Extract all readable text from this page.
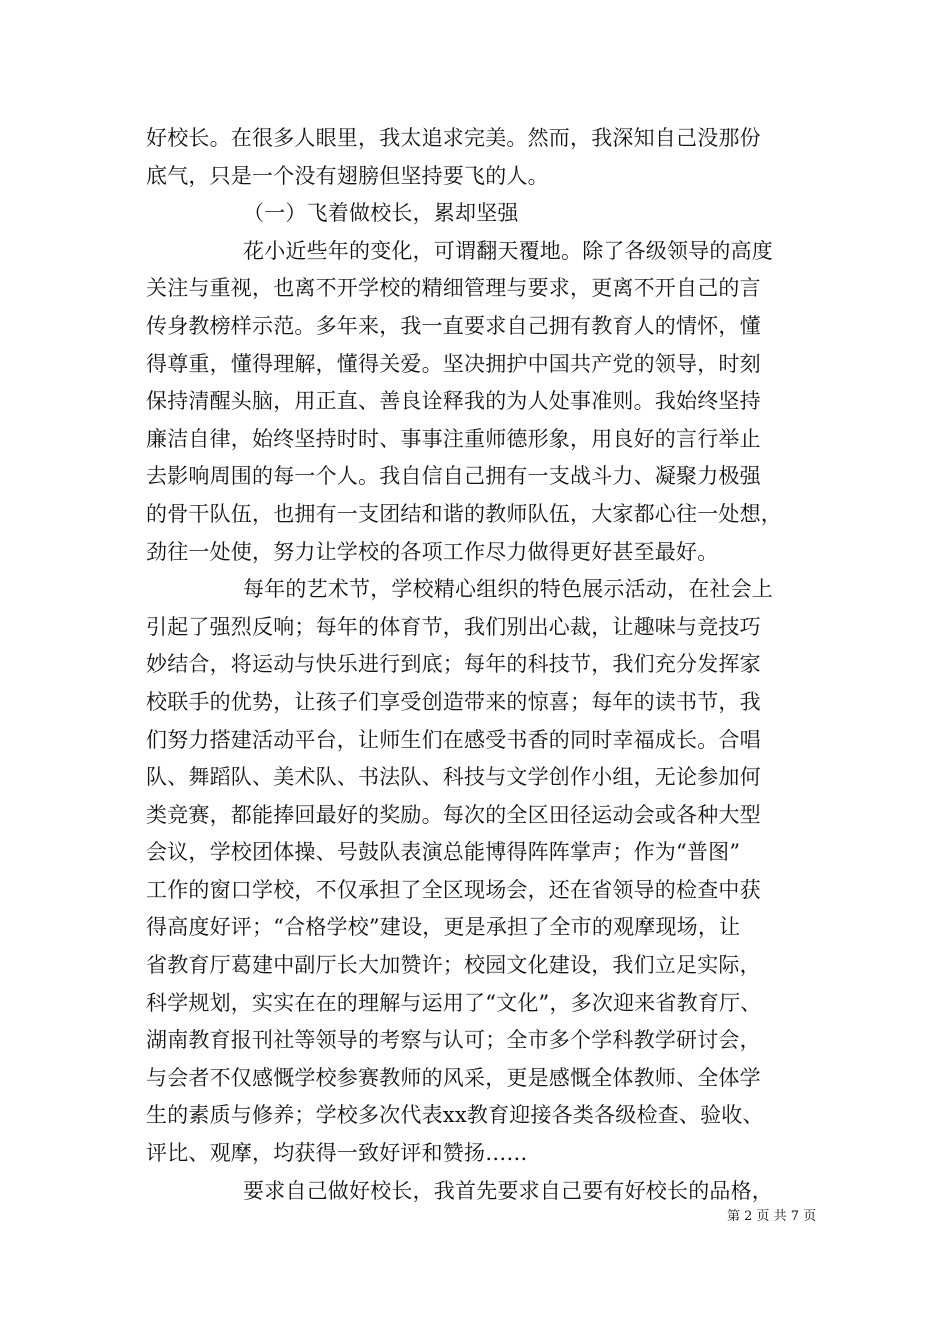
好校长。在很多人眼里，我太追求完美。然而，我深知自己没那份
底气，只是一个没有翅膀但坚持要飞的人。
（一）飞着做校长，累却坚强
花小近些年的变化，可谓翻天覆地。除了各级领导的高度
关注与重视，也离不开学校的精细管理与要求，更离不开自己的言
传身教榜样示范。多年来，我一直要求自己拥有教育人的情怀，懂
得尊重，懂得理解，懂得关爱。坚决拥护中国共产党的领导，时刻
保持清醒头脑，用正直、善良诠释我的为人处事准则。我始终坚持
廉洁自律，始终坚持时时、事事注重师德形象，用良好的言行举止
去影响周围的每一个人。我自信自己拥有一支战斗力、凝聚力极强
的骨干队伍，也拥有一支团结和谐的教师队伍，大家都心往一处想，
劲往一处使，努力让学校的各项工作尽力做得更好甚至最好。
每年的艺术节，学校精心组织的特色展示活动，在社会上
引起了强烈反响；每年的体育节，我们别出心裁，让趣味与竞技巧
妙结合，将运动与快乐进行到底；每年的科技节，我们充分发挥家
校联手的优势，让孩子们享受创造带来的惊喜；每年的读书节，我
们努力搭建活动平台，让师生们在感受书香的同时幸福成长。合唱
队、舞蹈队、美术队、书法队、科技与文学创作小组，无论参加何
类竞赛，都能捧回最好的奖励。每次的全区田径运动会或各种大型
会议，学校团体操、号鼓队表演总能博得阵阵掌声；作为“普图”
工作的窗口学校，不仅承担了全区现场会，还在省领导的检查中获
得高度好评；“合格学校”建设，更是承担了全市的观摩现场，让
省教育厅葛建中副厅长大加赞许；校园文化建设，我们立足实际，
科学规划，实实在在的理解与运用了“文化”，多次迎来省教育厅、
湖南教育报刊社等领导的考察与认可；全市多个学科教学研讨会，
与会者不仅感慨学校参赛教师的风采，更是感慨全体教师、全体学
生的素质与修养；学校多次代表xx教育迎接各类各级检查、验收、
评比、观摩，均获得一致好评和赞扬……
要求自己做好校长，我首先要求自己要有好校长的品格，
第 2 页 共 7 页
